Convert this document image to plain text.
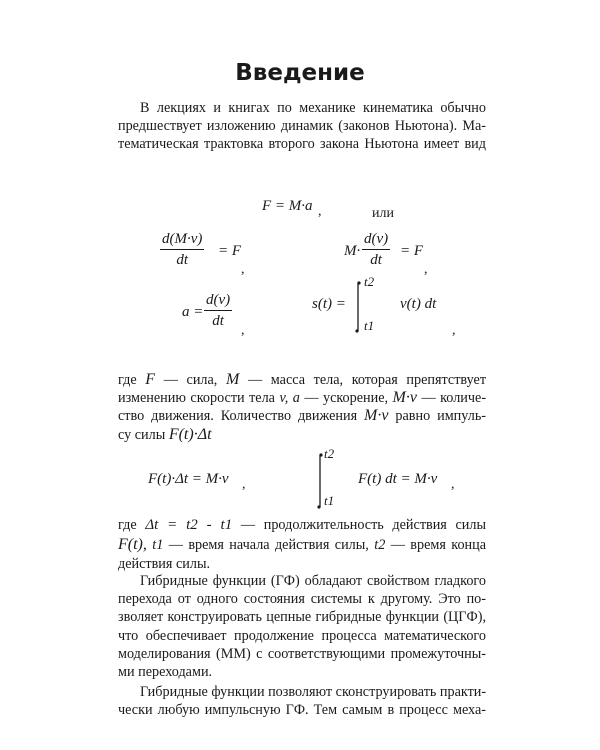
Введение
В лекциях и книгах по механике кинематика обычно
предшествует изложению динамик (законов Ньютона). Ма-
тематическая трактовка второго закона Ньютона имеет вид
F = M·a ,	или
d(M·v)
dt
= F
,
M·
d(v)
dt
= F
,
a =
d(v)
dt
,
s(t) =
t2
t1
v(t) dt
,
где F — сила, M — масса тела, которая препятствует
изменению скорости тела v, a — ускорение, M·v — количе-
ство движения. Количество движения M·v равно импуль-
су силы F(t)·Δt
F(t)·Δt = M·v ,
t2
t1
F(t) dt = M·v ,
где Δt = t2 - t1 — продолжительность действия силы
F(t), t1 — время начала действия силы, t2 — время конца
действия силы.
Гибридные функции (ГФ) обладают свойством гладкого
перехода от одного состояния системы к другому. Это по-
зволяет конструировать цепные гибридные функции (ЦГФ),
что обеспечивает продолжение процесса математического
моделирования (ММ) с соответствующими промежуточны-
ми переходами.
Гибридные функции позволяют сконструировать практи-
чески любую импульсную ГФ. Тем самым в процесс меха-
